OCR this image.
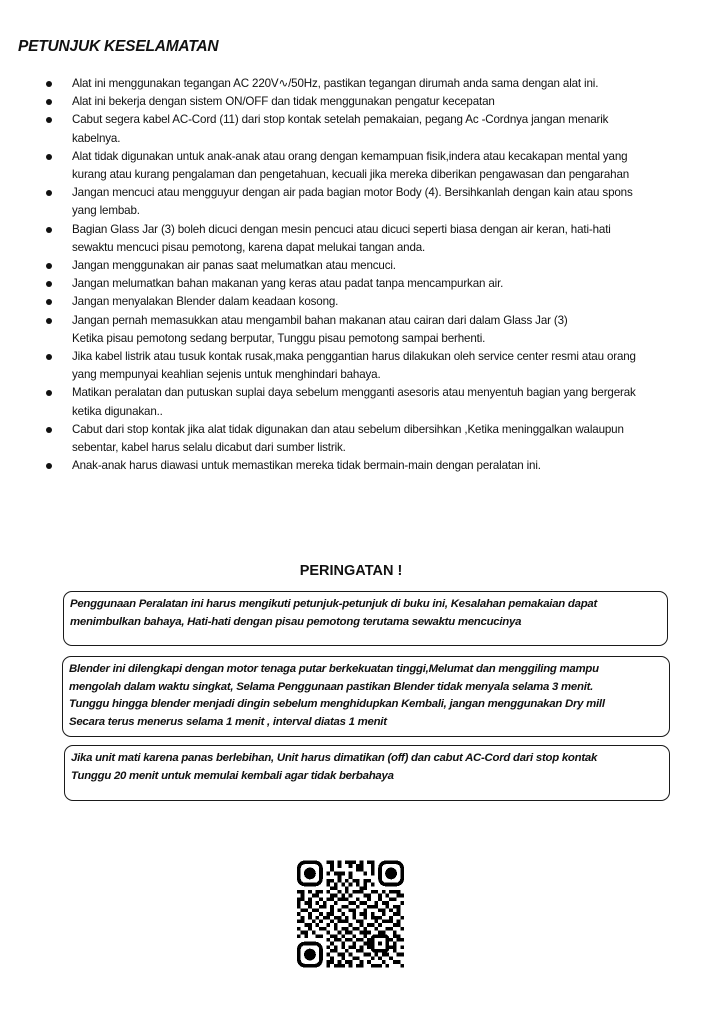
PETUNJUK KESELAMATAN
Alat ini menggunakan tegangan AC 220V∿/50Hz, pastikan tegangan dirumah anda sama dengan alat ini.
Alat ini bekerja dengan sistem ON/OFF dan tidak menggunakan pengatur kecepatan
Cabut segera kabel AC-Cord (11) dari stop kontak setelah pemakaian, pegang Ac -Cordnya jangan menarik
kabelnya.
Alat tidak digunakan untuk anak-anak atau orang dengan kemampuan fisik,indera atau kecakapan mental yang
kurang atau kurang pengalaman dan pengetahuan, kecuali jika mereka diberikan pengawasan dan pengarahan
Jangan mencuci atau mengguyur dengan air pada bagian motor Body (4). Bersihkanlah dengan kain atau spons
yang lembab.
Bagian Glass Jar (3) boleh dicuci dengan mesin pencuci atau dicuci seperti biasa dengan air keran, hati-hati
sewaktu mencuci pisau pemotong, karena dapat melukai tangan anda.
Jangan menggunakan air panas saat melumatkan atau mencuci.
Jangan melumatkan bahan makanan yang keras atau padat tanpa mencampurkan air.
Jangan menyalakan Blender dalam keadaan kosong.
Jangan pernah memasukkan atau mengambil bahan makanan atau cairan dari dalam Glass Jar (3)
Ketika pisau pemotong sedang berputar, Tunggu pisau pemotong sampai berhenti.
Jika kabel listrik atau tusuk kontak rusak,maka penggantian harus dilakukan oleh service center resmi atau orang
yang mempunyai keahlian sejenis untuk menghindari bahaya.
Matikan peralatan dan putuskan suplai daya sebelum mengganti asesoris atau menyentuh bagian yang bergerak
ketika digunakan..
Cabut dari stop kontak jika alat tidak digunakan dan atau sebelum dibersihkan ,Ketika meninggalkan walaupun
sebentar, kabel harus selalu dicabut dari sumber listrik.
Anak-anak harus diawasi untuk memastikan mereka tidak bermain-main dengan peralatan ini.
PERINGATAN !
Penggunaan Peralatan ini harus mengikuti petunjuk-petunjuk di buku ini, Kesalahan pemakaian dapat
menimbulkan bahaya, Hati-hati dengan pisau pemotong terutama sewaktu mencucinya
Blender ini dilengkapi dengan motor tenaga putar berkekuatan tinggi,Melumat dan menggiling mampu
mengolah dalam waktu singkat, Selama Penggunaan pastikan Blender tidak menyala selama 3 menit.
Tunggu hingga blender menjadi dingin sebelum menghidupkan Kembali, jangan menggunakan Dry mill
Secara terus menerus selama 1 menit , interval diatas 1 menit
Jika unit mati karena panas berlebihan, Unit harus dimatikan (off) dan cabut AC-Cord dari stop kontak
Tunggu 20 menit untuk memulai kembali agar tidak berbahaya
